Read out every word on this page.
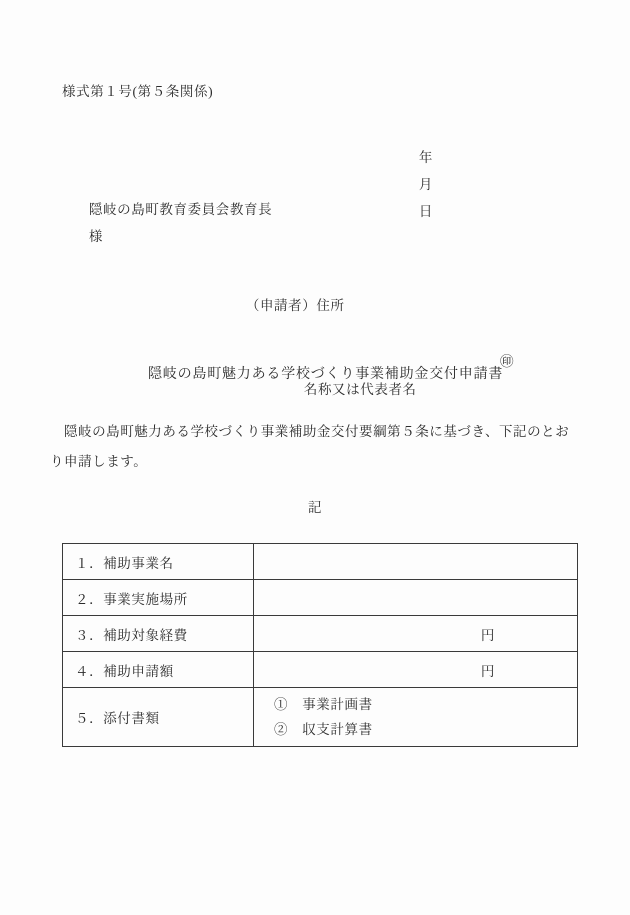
様式第１号(第５条関係)

年

月

日

隠岐の島町教育委員会教育長

様

（申請者）住所

名称又は代表者名

㊞

隠岐の島町魅力ある学校づくり事業補助金交付申請書
隠岐の島町魅力ある学校づくり事業補助金交付要綱第５条に基づき、下記のとお
り申請します。
記
１．補助事業名	

２．事業実施場所	

３．補助対象経費	円

４．補助申請額	円

５．添付書類	①　事業計画書
②　収支計算書
